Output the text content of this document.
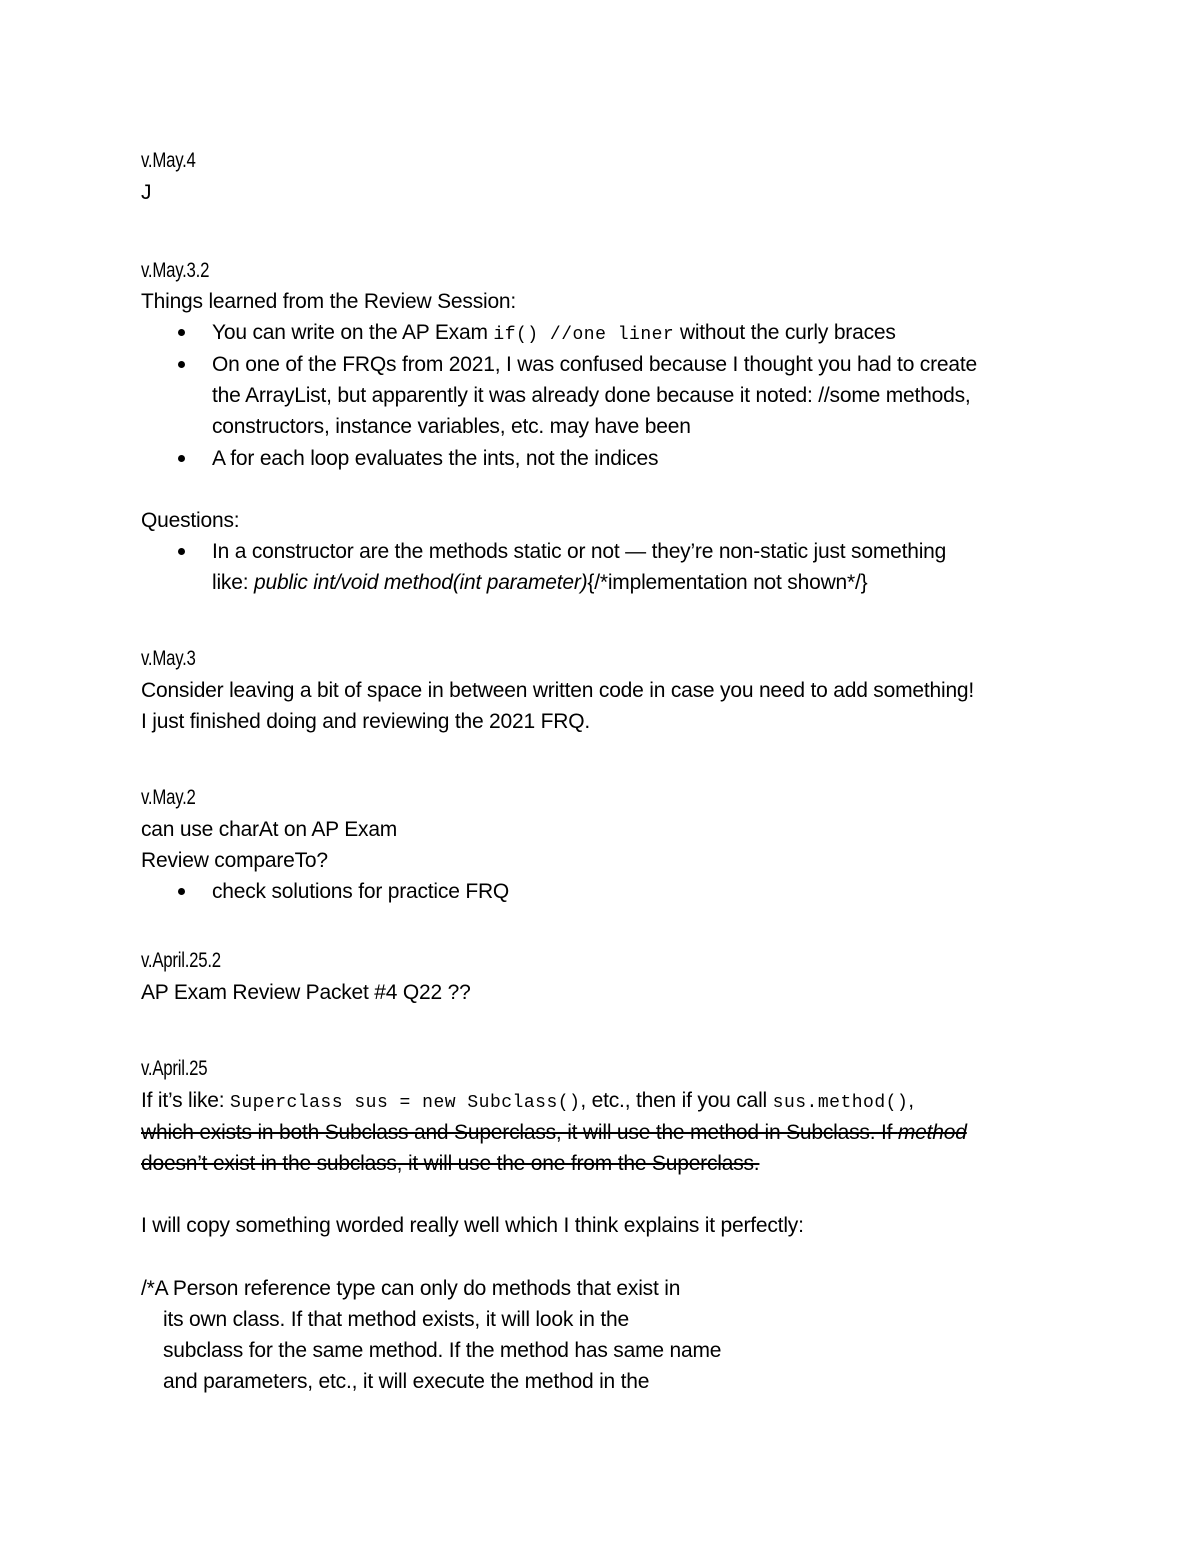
v.May.4
J
v.May.3.2
Things learned from the Review Session:
You can write on the AP Exam if() //one liner without the curly braces
On one of the FRQs from 2021, I was confused because I thought you had to create
the ArrayList, but apparently it was already done because it noted: //some methods,
constructors, instance variables, etc. may have been
A for each loop evaluates the ints, not the indices
Questions:
In a constructor are the methods static or not — they’re non-static just something
like: public int/void method(int parameter){/*implementation not shown*/}
v.May.3
Consider leaving a bit of space in between written code in case you need to add something!
I just finished doing and reviewing the 2021 FRQ.
v.May.2
can use charAt on AP Exam
Review compareTo?
check solutions for practice FRQ
v.April.25.2
AP Exam Review Packet #4 Q22 ??
v.April.25
If it’s like: Superclass sus = new Subclass(), etc., then if you call sus.method(),
which exists in both Subclass and Superclass, it will use the method in Subclass. If method
doesn’t exist in the subclass, it will use the one from the Superclass.
I will copy something worded really well which I think explains it perfectly:
/*A Person reference type can only do methods that exist in
its own class. If that method exists, it will look in the
subclass for the same method. If the method has same name
and parameters, etc., it will execute the method in the
